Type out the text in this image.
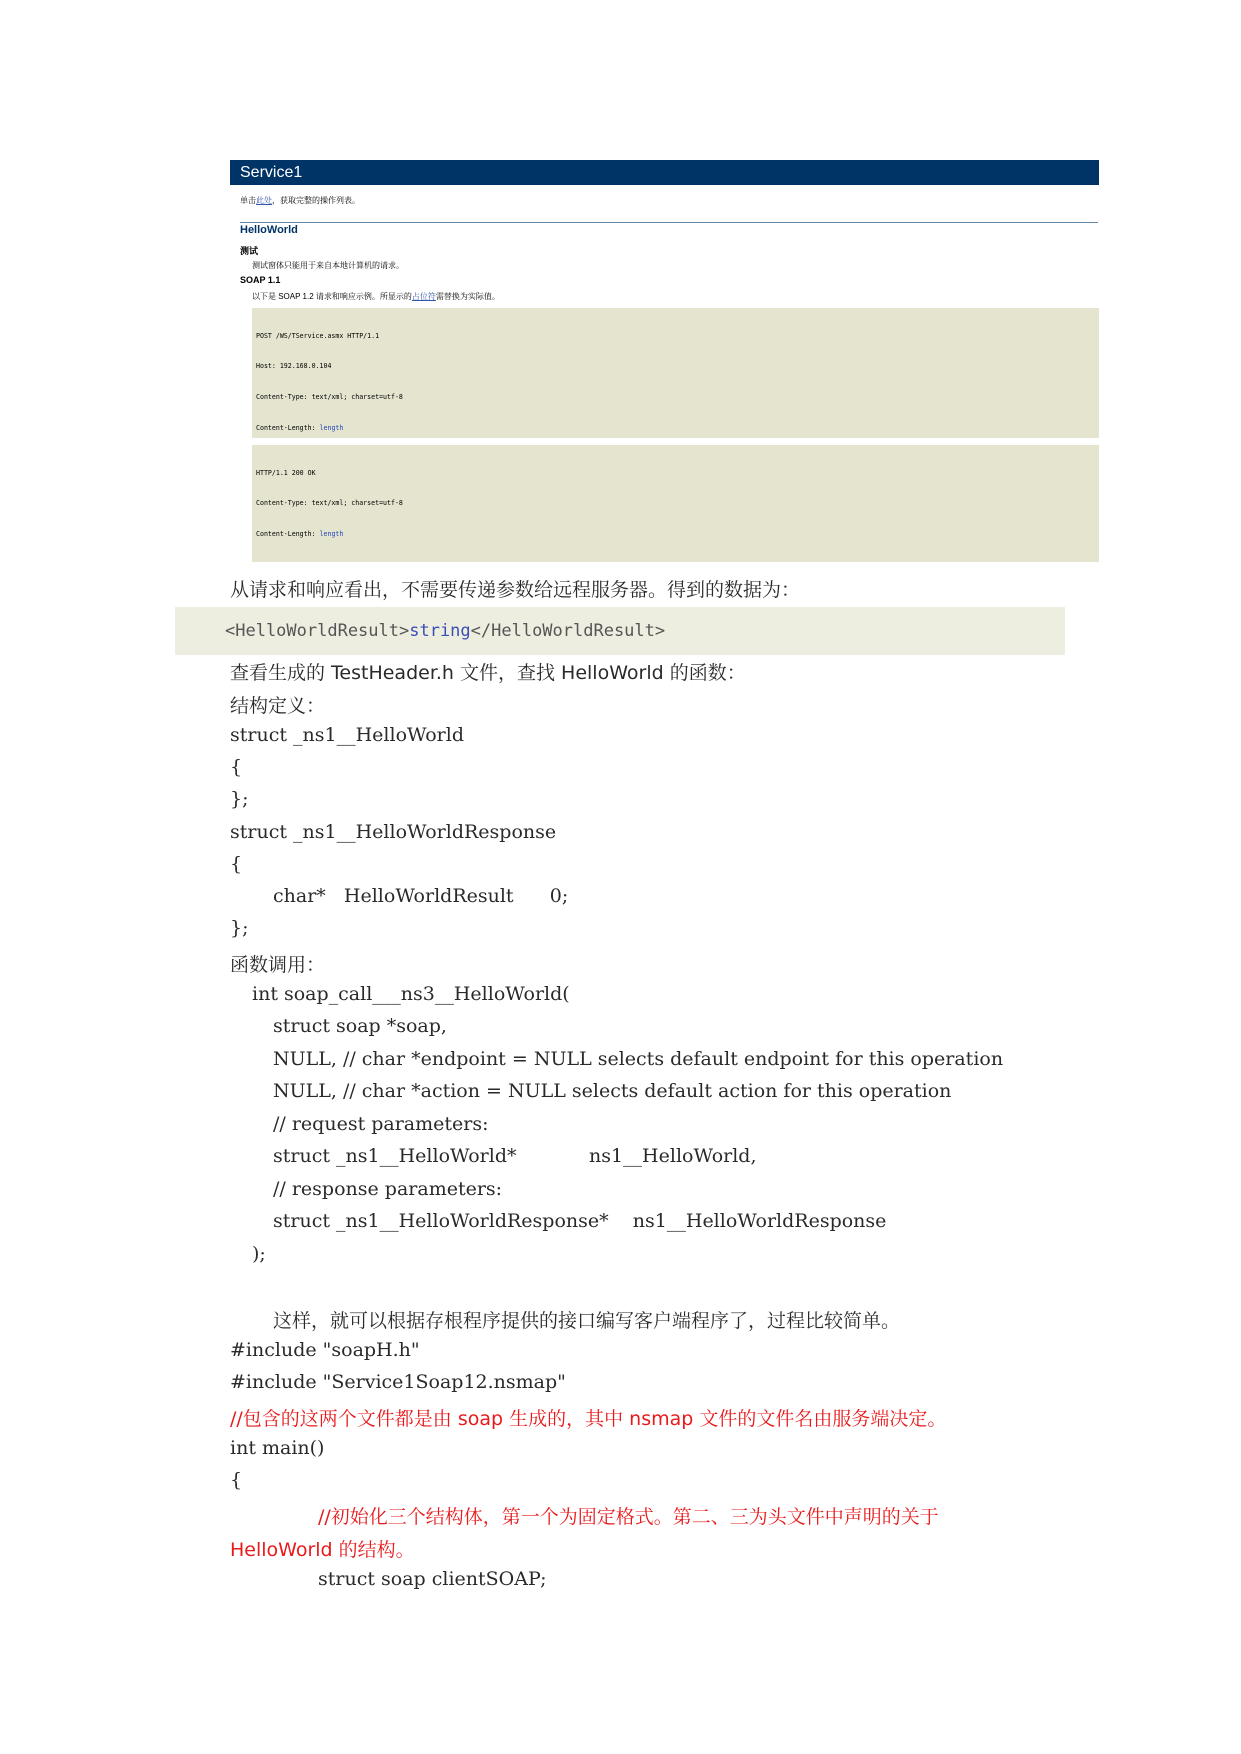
Service1
单击此处，获取完整的操作列表。
HelloWorld
测试
测试窗体只能用于来自本地计算机的请求。
SOAP 1.1
以下是 SOAP 1.2 请求和响应示例。所显示的占位符需替换为实际值。

POST /WS/TService.asmx HTTP/1.1

Host: 192.168.0.104

Content-Type: text/xml; charset=utf-8

Content-Length: length

HTTP/1.1 200 OK

Content-Type: text/xml; charset=utf-8

Content-Length: length

从请求和响应看出，不需要传递参数给远程服务器。得到的数据为：
<HelloWorldResult>string</HelloWorldResult>
查看生成的 TestHeader.h 文件，查找 HelloWorld 的函数：
结构定义：
struct _ns1__HelloWorld
{
};
struct _ns1__HelloWorldResponse
{
char*   HelloWorldResult      0;
};
函数调用：
int soap_call___ns3__HelloWorld(
struct soap *soap,
NULL, // char *endpoint = NULL selects default endpoint for this operation
NULL, // char *action = NULL selects default action for this operation
// request parameters:
struct _ns1__HelloWorld*            ns1__HelloWorld,
// response parameters:
struct _ns1__HelloWorldResponse*    ns1__HelloWorldResponse
);
这样，就可以根据存根程序提供的接口编写客户端程序了，过程比较简单。
#include "soapH.h"
#include "Service1Soap12.nsmap"
//包含的这两个文件都是由 soap 生成的，其中 nsmap 文件的文件名由服务端决定。
int main()
{
//初始化三个结构体，第一个为固定格式。第二、三为头文件中声明的关于
HelloWorld 的结构。
struct soap clientSOAP;
